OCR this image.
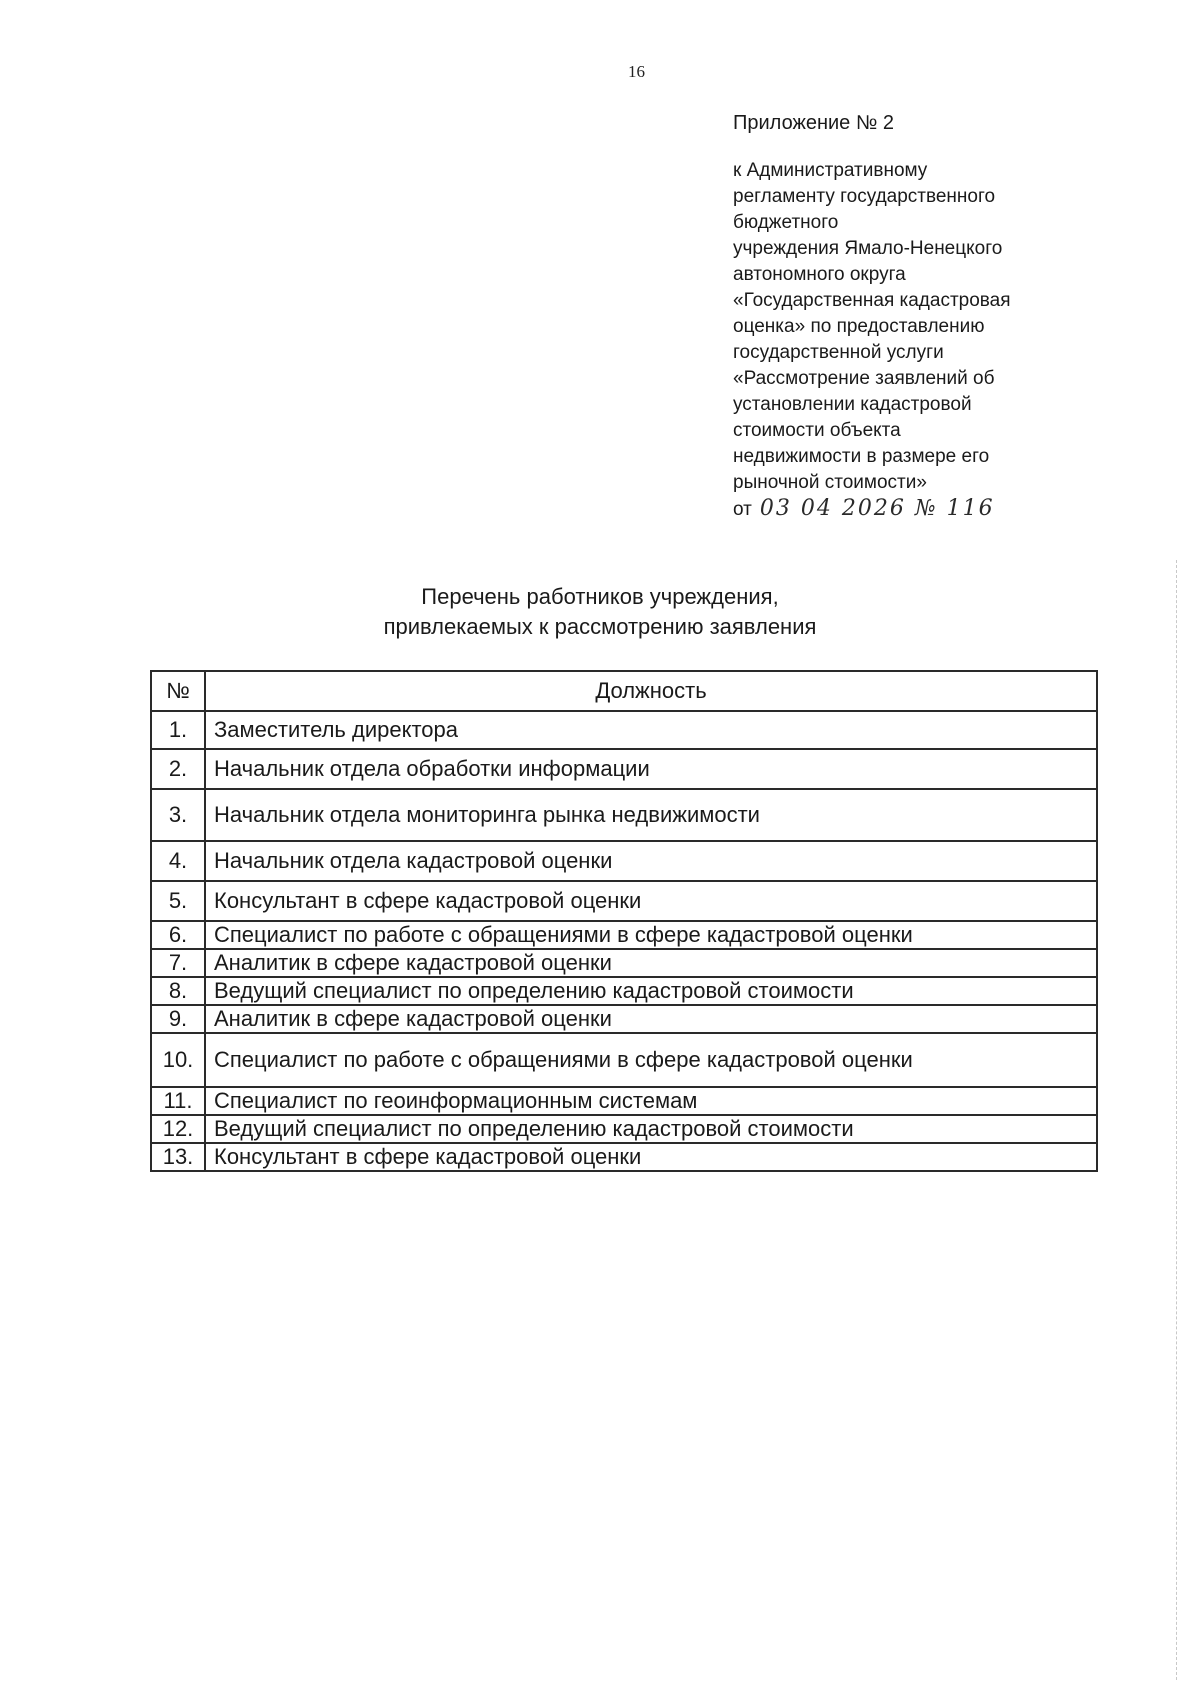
16
Приложение № 2
к Административному
регламенту государственного
бюджетного
учреждения Ямало-Ненецкого
автономного округа
«Государственная кадастровая
оценка» по предоставлению
государственной услуги
«Рассмотрение заявлений об
установлении кадастровой
стоимости объекта
недвижимости в размере его
рыночной стоимости»
от 03 04 2026 № 116
Перечень работников учреждения,
привлекаемых к рассмотрению заявления
№	Должность
1.	Заместитель директора
2.	Начальник отдела обработки информации
3.	Начальник отдела мониторинга рынка недвижимости
4.	Начальник отдела кадастровой оценки
5.	Консультант в сфере кадастровой оценки
6.	Специалист по работе с обращениями в сфере кадастровой оценки
7.	Аналитик в сфере кадастровой оценки
8.	Ведущий специалист по определению кадастровой стоимости
9.	Аналитик в сфере кадастровой оценки
10.	Специалист по работе с обращениями в сфере кадастровой оценки
11.	Специалист по геоинформационным системам
12.	Ведущий специалист по определению кадастровой стоимости
13.	Консультант в сфере кадастровой оценки
